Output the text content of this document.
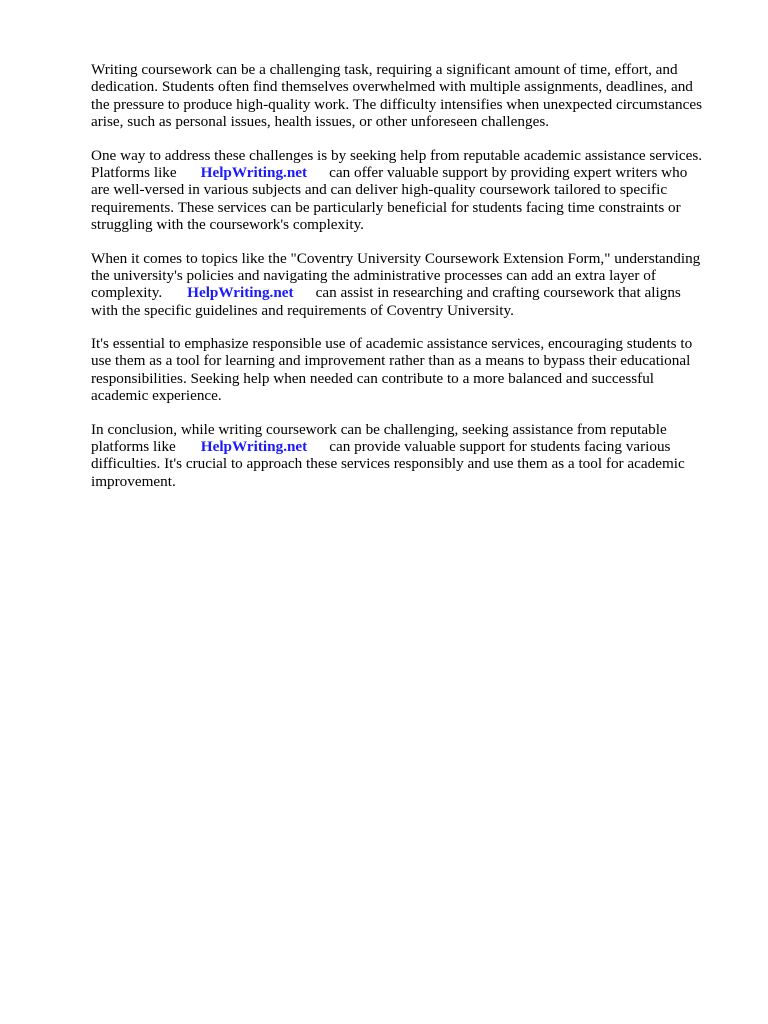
Writing coursework can be a challenging task, requiring a significant amount of time, effort, and
dedication. Students often find themselves overwhelmed with multiple assignments, deadlines, and
the pressure to produce high-quality work. The difficulty intensifies when unexpected circumstances
arise, such as personal issues, health issues, or other unforeseen challenges.

One way to address these challenges is by seeking help from reputable academic assistance services.
Platforms like HelpWriting.net can offer valuable support by providing expert writers who
are well-versed in various subjects and can deliver high-quality coursework tailored to specific
requirements. These services can be particularly beneficial for students facing time constraints or
struggling with the coursework's complexity.

When it comes to topics like the "Coventry University Coursework Extension Form," understanding
the university's policies and navigating the administrative processes can add an extra layer of
complexity. HelpWriting.net can assist in researching and crafting coursework that aligns
with the specific guidelines and requirements of Coventry University.

It's essential to emphasize responsible use of academic assistance services, encouraging students to
use them as a tool for learning and improvement rather than as a means to bypass their educational
responsibilities. Seeking help when needed can contribute to a more balanced and successful
academic experience.

In conclusion, while writing coursework can be challenging, seeking assistance from reputable
platforms like HelpWriting.net can provide valuable support for students facing various
difficulties. It's crucial to approach these services responsibly and use them as a tool for academic
improvement.
